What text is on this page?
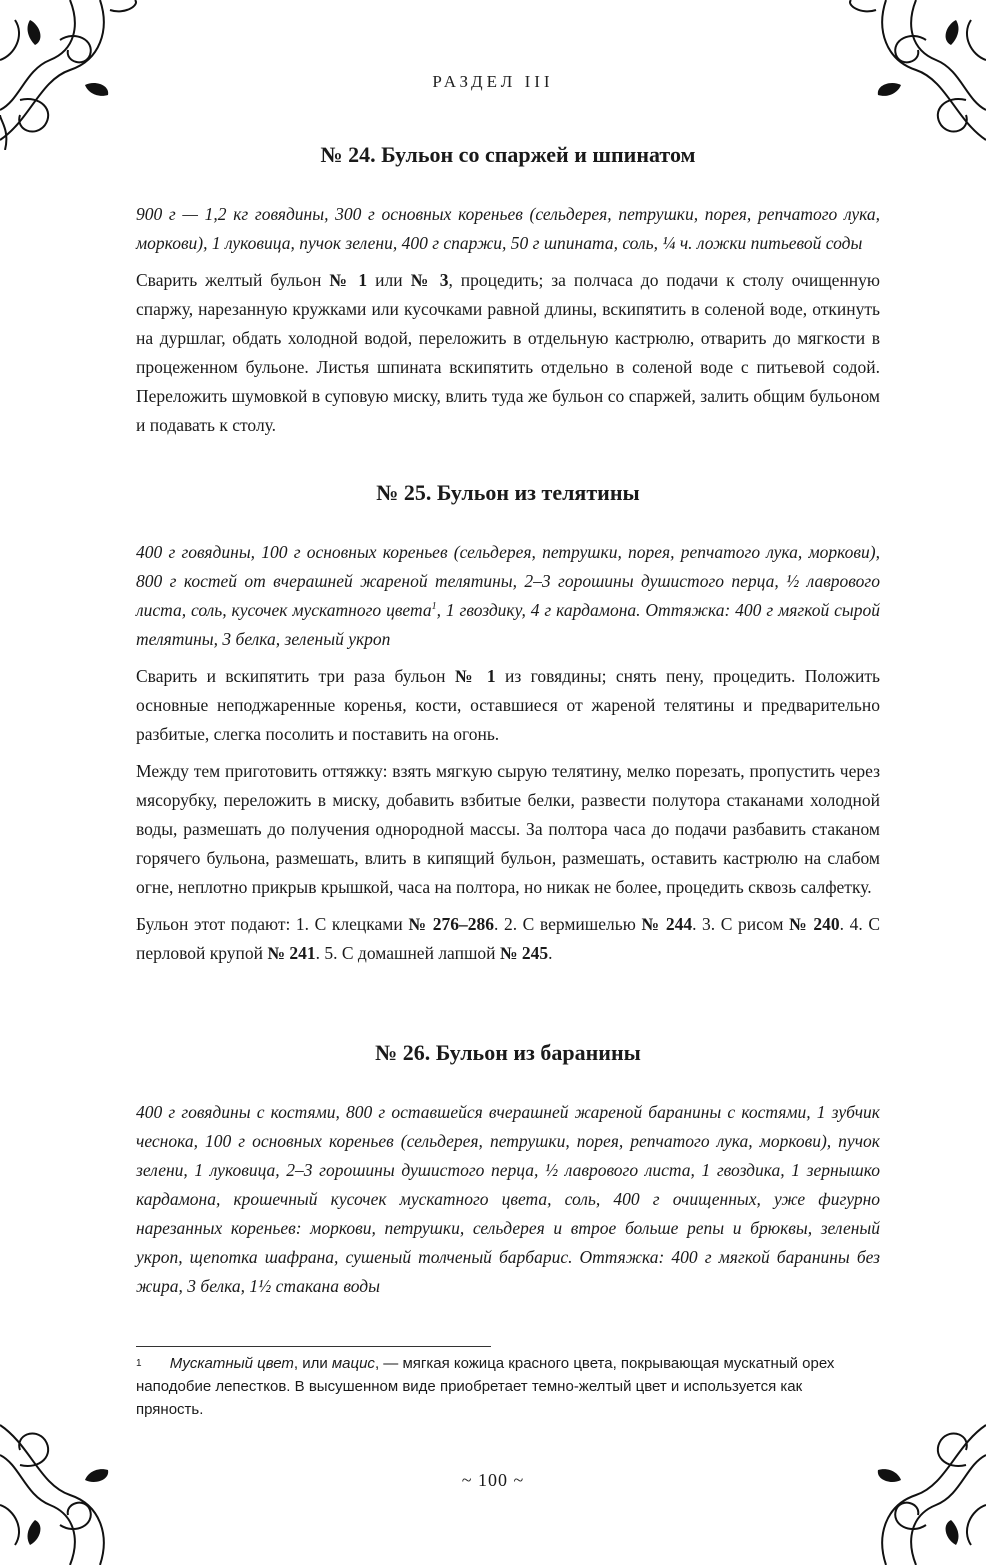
РАЗДЕЛ III
№ 24. Бульон со спаржей и шпинатом

900 г — 1,2 кг говядины, 300 г основных кореньев (сельдерея, петрушки, порея, репчатого лука, моркови), 1 луковица, пучок зелени, 400 г спаржи, 50 г шпината, соль, ¼ ч. ложки питьевой соды

Сварить желтый бульон № 1 или № 3, процедить; за полчаса до подачи к столу очищенную спаржу, нарезанную кружками или кусочками равной длины, вскипятить в соленой воде, откинуть на дуршлаг, обдать холодной водой, переложить в отдельную кастрюлю, отварить до мягкости в процеженном бульоне. Листья шпината вскипятить отдельно в соленой воде с питьевой содой. Переложить шумовкой в суповую миску, влить туда же бульон со спаржей, залить общим бульоном и подавать к столу.

№ 25. Бульон из телятины

400 г говядины, 100 г основных кореньев (сельдерея, петрушки, порея, репчатого лука, моркови), 800 г костей от вчерашней жареной телятины, 2–3 горошины душистого перца, ½ лаврового листа, соль, кусочек мускатного цвета$^1$, 1 гвоздику, 4 г кардамона. Оттяжка: 400 г мягкой сырой телятины, 3 белка, зеленый укроп

Сварить и вскипятить три раза бульон № 1 из говядины; снять пену, процедить. Положить основные неподжаренные коренья, кости, оставшиеся от жареной телятины и предварительно разбитые, слегка посолить и поставить на огонь.

Между тем приготовить оттяжку: взять мягкую сырую телятину, мелко порезать, пропустить через мясорубку, переложить в миску, добавить взбитые белки, развести полутора стаканами холодной воды, размешать до получения однородной массы. За полтора часа до подачи разбавить стаканом горячего бульона, размешать, влить в кипящий бульон, размешать, оставить кастрюлю на слабом огне, неплотно прикрыв крышкой, часа на полтора, но никак не более, процедить сквозь салфетку.

Бульон этот подают: 1. С клецками № 276–286. 2. С вермишелью № 244. 3. С рисом № 240. 4. С перловой крупой № 241. 5. С домашней лапшой № 245.

№ 26. Бульон из баранины

400 г говядины с костями, 800 г оставшейся вчерашней жареной баранины с костями, 1 зубчик чеснока, 100 г основных кореньев (сельдерея, петрушки, порея, репчатого лука, моркови), пучок зелени, 1 луковица, 2–3 горошины душистого перца, ½ лаврового листа, 1 гвоздика, 1 зернышко кардамона, крошечный кусочек мускатного цвета, соль, 400 г очищенных, уже фигурно нарезанных кореньев: моркови, петрушки, сельдерея и втрое больше репы и брюквы, зеленый укроп, щепотка шафрана, сушеный толченый барбарис. Оттяжка: 400 г мягкой баранины без жира, 3 белка, 1½ стакана воды

$^1$ Мускатный цвет, или мацис, — мягкая кожица красного цвета, покрывающая мускатный орех наподобие лепестков. В высушенном виде приобретает темно-желтый цвет и используется как пряность.
~ 100 ~
